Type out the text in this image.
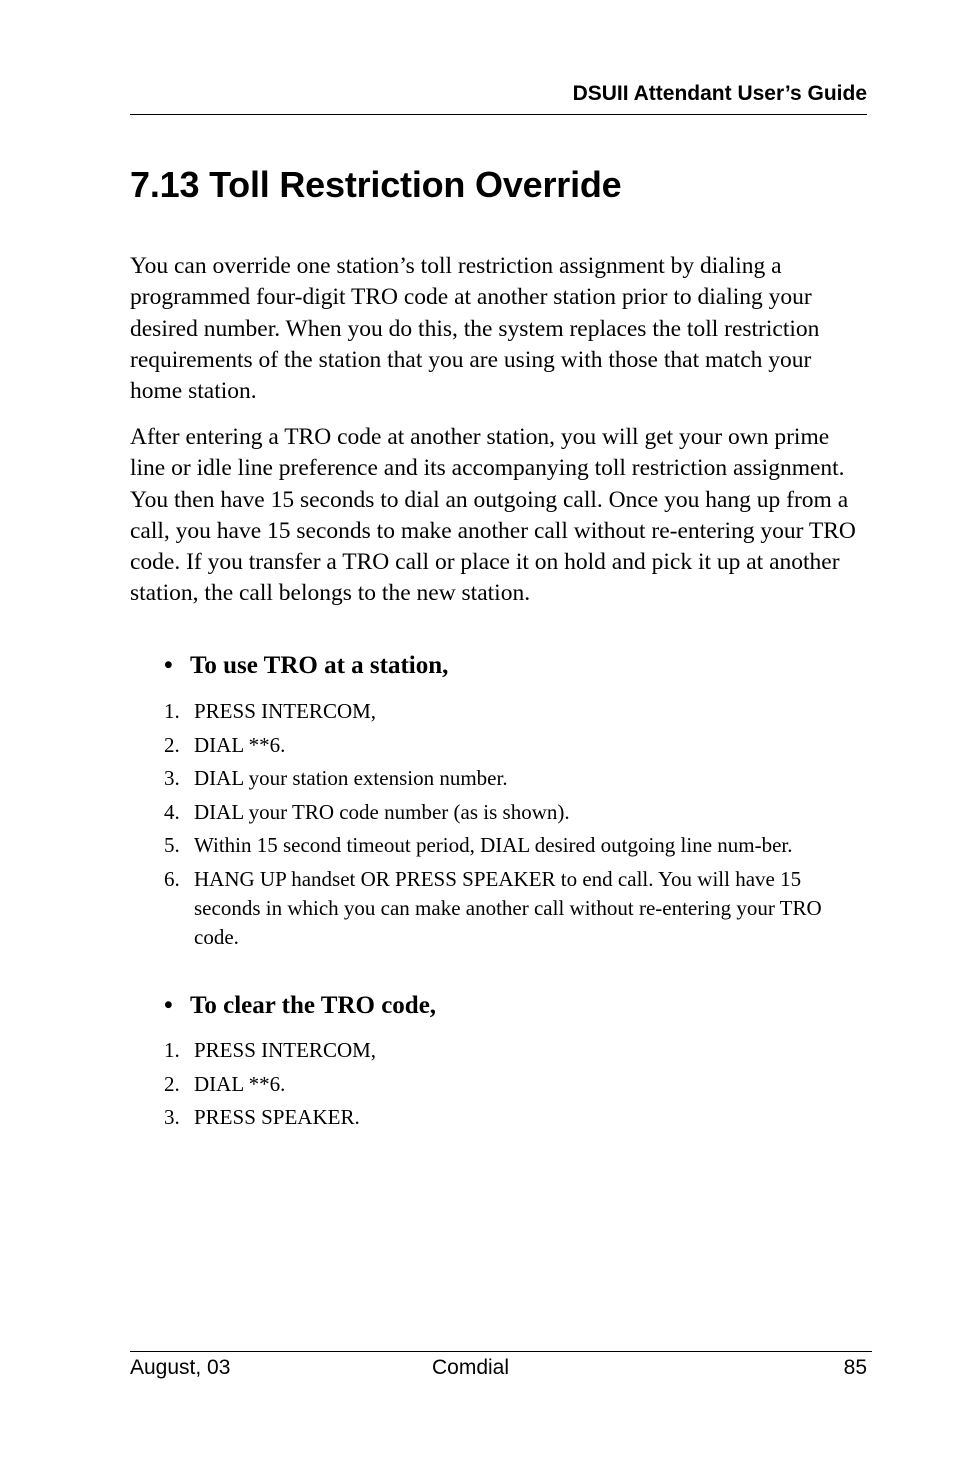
DSUII Attendant User’s Guide
7.13 Toll Restriction Override

You can override one station’s toll restriction assignment by dialing a programmed four-digit TRO code at another station prior to dialing your desired number. When you do this, the system replaces the toll restriction requirements of the station that you are using with those that match your home station.

After entering a TRO code at another station, you will get your own prime line or idle line preference and its accompanying toll restriction assignment. You then have 15 seconds to dial an outgoing call. Once you hang up from a call, you have 15 seconds to make another call without re-entering your TRO code. If you transfer a TRO call or place it on hold and pick it up at another station, the call belongs to the new station.

• To use TRO at a station,
1. PRESS INTERCOM,
2. DIAL **6.
3. DIAL your station extension number.
4. DIAL your TRO code number (as is shown).
5. Within 15 second timeout period, DIAL desired outgoing line num-ber.
6. HANG UP handset OR PRESS SPEAKER to end call. You will have 15 seconds in which you can make another call without re-entering your TRO code.
• To clear the TRO code,
1. PRESS INTERCOM,
2. DIAL **6.
3. PRESS SPEAKER.
August, 03	Comdial	85
